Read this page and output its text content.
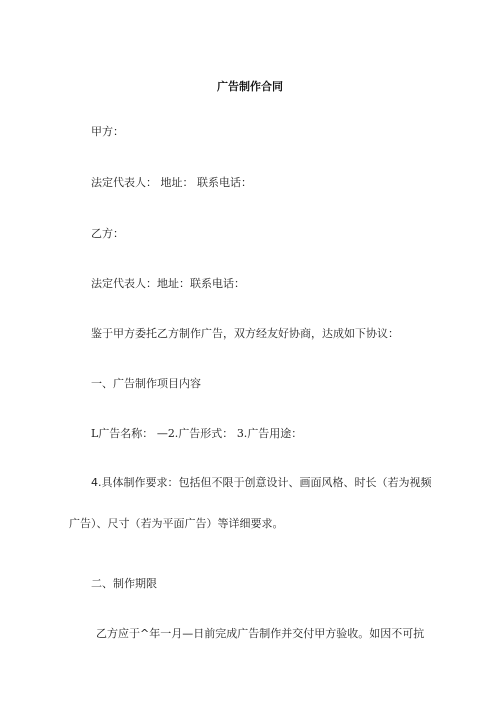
广告制作合同
甲方：
法定代表人： 地址： 联系电话：
乙方：
法定代表人：地址：联系电话：
鉴于甲方委托乙方制作广告，双方经友好协商，达成如下协议：
一、广告制作项目内容
L广告名称： —2.广告形式： 3.广告用途：
4.具体制作要求：包括但不限于创意设计、画面风格、时长（若为视频
广告）、尺寸（若为平面广告）等详细要求。
二、制作期限
乙方应于^年一月—日前完成广告制作并交付甲方验收。如因不可抗
